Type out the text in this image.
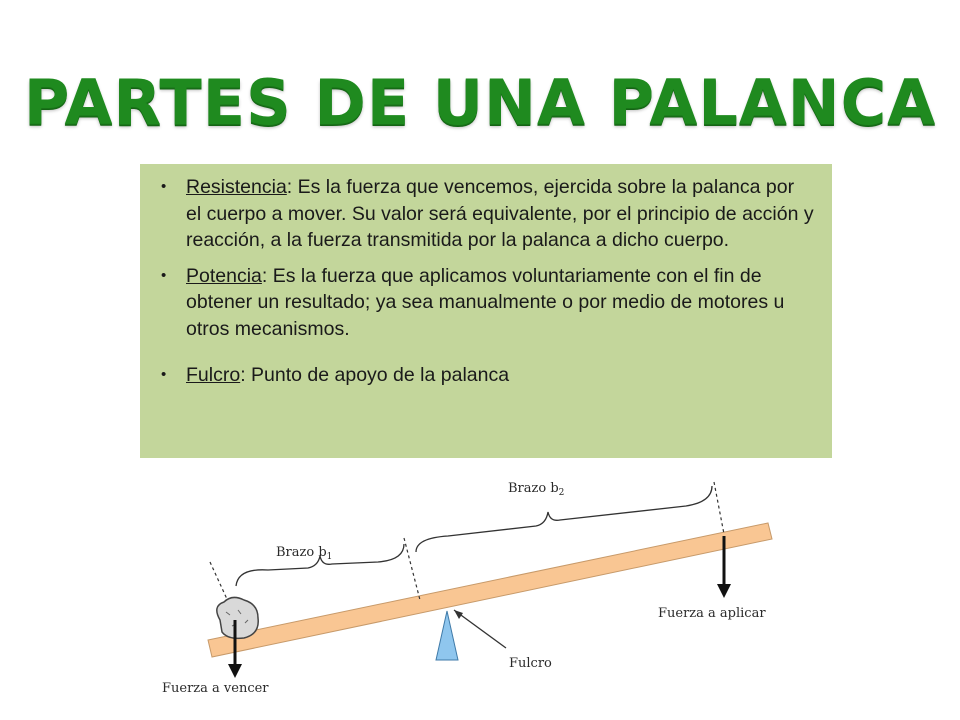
PARTES DE UNA PALANCA
• Resistencia: Es la fuerza que vencemos, ejercida sobre la palanca por el cuerpo a mover. Su valor será equivalente, por el principio de acción y reacción, a la fuerza transmitida por la palanca a dicho cuerpo.
• Potencia: Es la fuerza que aplicamos voluntariamente con el fin de obtener un resultado; ya sea manualmente o por medio de motores u otros mecanismos.
• Fulcro: Punto de apoyo de la palanca
Brazo $b_2$
Brazo $b_1$
Fuerza a aplicar
Fulcro
Fuerza a vencer
